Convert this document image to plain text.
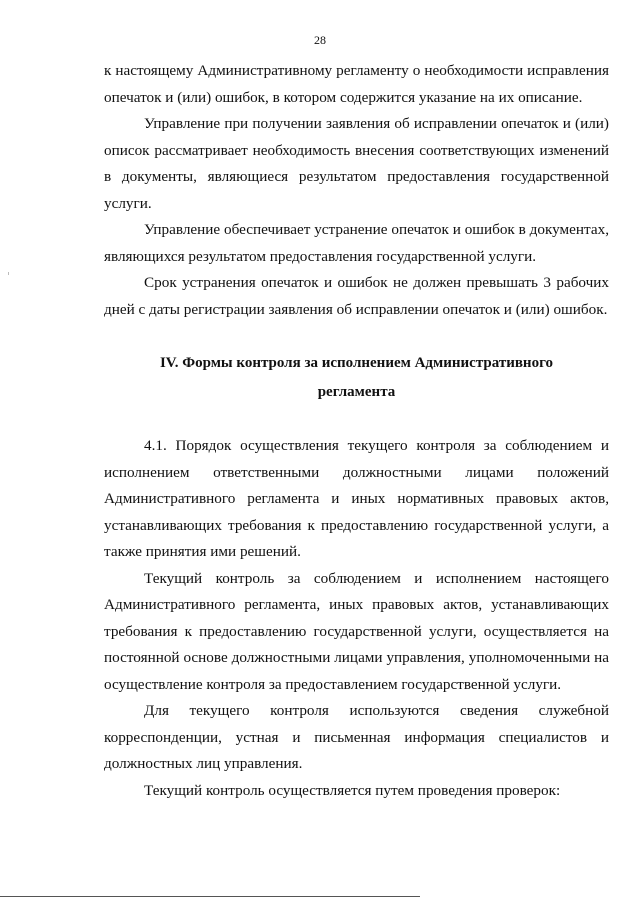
28

к настоящему Административному регламенту о необходимости исправления опечаток и (или) ошибок, в котором содержится указание на их описание.

Управление при получении заявления об исправлении опечаток и (или) описок рассматривает необходимость внесения соответствующих изменений в документы, являющиеся результатом предоставления государственной услуги.

Управление обеспечивает устранение опечаток и ошибок в документах, являющихся результатом предоставления государственной услуги.

Срок устранения опечаток и ошибок не должен превышать 3 рабочих дней с даты регистрации заявления об исправлении опечаток и (или) ошибок.

IV. Формы контроля за исполнением Административного
регламента

4.1. Порядок осуществления текущего контроля за соблюдением и исполнением ответственными должностными лицами положений Административного регламента и иных нормативных правовых актов, устанавливающих требования к предоставлению государственной услуги, а также принятия ими решений.

Текущий контроль за соблюдением и исполнением настоящего Административного регламента, иных правовых актов, устанавливающих требования к предоставлению государственной услуги, осуществляется на постоянной основе должностными лицами управления, уполномоченными на осуществление контроля за предоставлением государственной услуги.

Для текущего контроля используются сведения служебной корреспонденции, устная и письменная информация специалистов и должностных лиц управления.

Текущий контроль осуществляется путем проведения проверок:
